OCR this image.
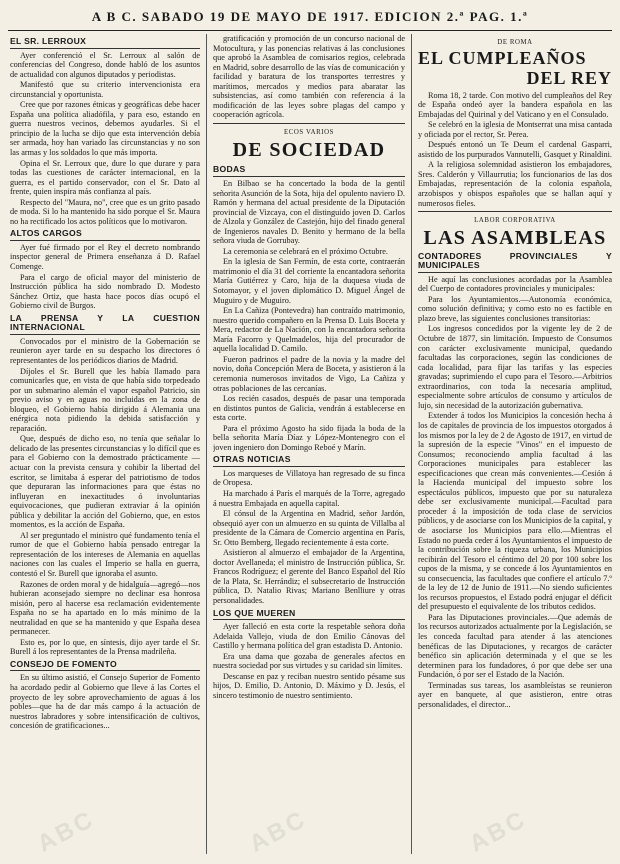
A B C. SABADO 19 DE MAYO DE 1917. EDICION 2.ª PAG. 1.ª
EL SR. LERROUX

Ayer conferenció el Sr. Lerroux al salón de conferencias del Congreso, donde habló de los asuntos de actualidad con algunos diputados y periodistas.

Manifestó que su criterio intervencionista era circunstancial y oportunista.

Cree que por razones étnicas y geográficas debe hacer España una política aliadófila, y para eso, estando en guerra nuestros vecinos, debemos ayudarles. Si el principio de la lucha se dijo que esta intervención debía ser armada, hoy han variado las circunstancias y no son las armas y los soldados lo que más importa.

Opina el Sr. Lerroux que, dure lo que durare y para todas las cuestiones de carácter internacional, en la guerra, es el partido conservador, con el Sr. Dato al frente, quien inspira más confianza al país.

Respecto del "Maura, no", cree que es un grito pasado de moda. Si lo ha mantenido ha sido porque el Sr. Maura no ha rectificado los actos políticos que lo motivaron.

ALTOS CARGOS

Ayer fué firmado por el Rey el decreto nombrando inspector general de Primera enseñanza á D. Rafael Comenge.

Para el cargo de oficial mayor del ministerio de Instrucción pública ha sido nombrado D. Modesto Sánchez Ortiz, que hasta hace pocos días ocupó el Gobierno civil de Burgos.

LA PRENSA Y LA CUESTION INTERNACIONAL

Convocados por el ministro de la Gobernación se reunieron ayer tarde en su despacho los directores ó representantes de los periódicos diarios de Madrid.

Díjoles el Sr. Burell que les había llamado para comunicarles que, en vista de que había sido torpedeado por un submarino alemán el vapor español Patricio, sin previo aviso y en aguas no incluidas en la zona de bloqueo, el Gobierno había dirigido á Alemania una enérgica nota pidiendo la debida satisfacción y reparación.

Que, después de dicho eso, no tenía que señalar lo delicado de las presentes circunstancias y lo difícil que es para el Gobierno con la demostrado prácticamente —actuar con la prevista censura y cohibir la libertad del escritor, se limitaba á esperar del patriotismo de todos que depuraran las informaciones para que éstas no influyeran en inexactitudes ó involuntarias equivocaciones, que pudieran extraviar á la opinión pública y debilitar la acción del Gobierno, que, en estos momentos, es la acción de España.

Al ser preguntado el ministro qué fundamento tenía el rumor de que el Gobierno había pensado entregar la representación de los intereses de Alemania en aquellas naciones con las cuales el Imperio se halla en guerra, contestó el Sr. Burell que ignoraba el asunto.

Razones de orden moral y de hidalguía—agregó—nos hubieran aconsejado siempre no declinar esa honrosa misión, pero al hacerse esa reclamación evidentemente España no se ha apartado en lo más mínimo de la neutralidad en que se ha mantenido y que España desea permanecer.

Esto es, por lo que, en síntesis, dijo ayer tarde el Sr. Burell á los representantes de la Prensa madrileña.

CONSEJO DE FOMENTO

En su último asistió, el Consejo Superior de Fomento ha acordado pedir al Gobierno que lleve á las Cortes el proyecto de ley sobre aprovechamiento de aguas á los pobles—que ha de dar más campo á la actuación de nuestros labradores y sobre intensificación de cultivos, concesión de gratificaciones...

gratificación y promoción de un concurso nacional de Motocultura, y las ponencias relativas á las conclusiones que aprobó la Asamblea de comisarios regios, celebrada en Madrid, sobre desarrollo de las vías de comunicación y facilidad y baratura de los transportes terrestres y marítimos, mercados y medios para abaratar las subsistencias, así como también con referencia á la modificación de las leyes sobre plagas del campo y cooperación agrícola.

ECOS VARIOS
DE SOCIEDAD
BODAS

En Bilbao se ha concertado la boda de la gentil señorita Asunción de la Sota, hija del opulento naviero D. Ramón y hermana del actual presidente de la Diputación provincial de Vizcaya, con el distinguido joven D. Carlos de Alzola y González de Castejón, hijo del finado general de Ingenieros navales D. Benito y hermano de la bella señora viuda de Gorrubay.

La ceremonia se celebrará en el próximo Octubre.

En la iglesia de San Fermín, de esta corte, contraerán matrimonio el día 31 del corriente la encantadora señorita María Gutiérrez y Caro, hija de la duquesa viuda de Sotomayor, y el joven diplomático D. Miguel Ángel de Muguiro y de Muguiro.

En La Cañiza (Pontevedra) han contraído matrimonio, nuestro querido compañero en la Prensa D. Luis Boceta y Mera, redactor de La Nación, con la encantadora señorita María Facorro y Quelmadelos, hija del procurador de aquella localidad D. Camilo.

Fueron padrinos el padre de la novia y la madre del novio, doña Concepción Mera de Boceta, y asistieron á la ceremonia numerosos invitados de Vigo, La Cañiza y otras poblaciones de las cercanías.

Los recién casados, después de pasar una temporada en distintos puntos de Galicia, vendrán á establecerse en esta corte.

Para el próximo Agosto ha sido fijada la boda de la bella señorita María Díaz y López-Montenegro con el joven ingeniero don Domingo Reboé y Marín.

OTRAS NOTICIAS

Los marqueses de Villatoya han regresado de su finca de Oropesa.

Ha marchado á París el marqués de la Torre, agregado á nuestra Embajada en aquella capital.

El cónsul de la Argentina en Madrid, señor Jardón, obsequió ayer con un almuerzo en su quinta de Villalba al presidente de la Cámara de Comercio argentina en París, Sr. Otto Bemberg, llegado recientemente á esta corte.

Asistieron al almuerzo el embajador de la Argentina, doctor Avellaneda; el ministro de Instrucción pública, Sr. Francos Rodríguez; el gerente del Banco Español del Río de la Plata, Sr. Herrándiz; el subsecretario de Instrucción pública, D. Natalio Rivas; Mariano Benlliure y otras personalidades.

LOS QUE MUEREN

Ayer falleció en esta corte la respetable señora doña Adelaida Vallejo, viuda de don Emilio Cánovas del Castillo y hermana política del gran estadista D. Antonio.

Era una dama que gozaba de generales afectos en nuestra sociedad por sus virtudes y su caridad sin límites.

Descanse en paz y reciban nuestro sentido pésame sus hijos, D. Emilio, D. Antonio, D. Máximo y D. Jesús, el sincero testimonio de nuestro sentimiento.

DE ROMA
EL CUMPLEAÑOS
DEL REY

Roma 18, 2 tarde. Con motivo del cumpleaños del Rey de España ondeó ayer la bandera española en las Embajadas del Quirinal y del Vaticano y en el Consulado.

Se celebró en la iglesia de Montserrat una misa cantada y oficiada por el rector, Sr. Perea.

Después entonó un Te Deum el cardenal Gasparri, asistido de los purpurados Vannutelli, Gasquet y Rinaldini.

A la religiosa solemnidad asistieron los embajadores, Sres. Calderón y Villaurrutia; los funcionarios de las dos Embajadas, representación de la colonia española, arzobispos y obispos españoles que se hallan aquí y numerosos fieles.

LABOR CORPORATIVA
LAS ASAMBLEAS
CONTADORES PROVINCIALES Y MUNICIPALES

He aquí las conclusiones acordadas por la Asamblea del Cuerpo de contadores provinciales y municipales:

Para los Ayuntamientos.—Autonomía económica, como solución definitiva; y como esto no es factible en plazo breve, las siguientes conclusiones transitorias:

Los ingresos concedidos por la vigente ley de 2 de Octubre de 1877, sin limitación. Impuesto de Consumos con carácter exclusivamente municipal, quedando facultadas las corporaciones, según las condiciones de cada localidad, para fijar las tarifas y las especies gravadas; suprimiendo el cupo para el Tesoro.—Arbitrios extraordinarios, con toda la necesaria amplitud, especialmente sobre artículos de consumo y artículos de lujo, sin necesidad de la autorización gubernativa.

Extender á todos los Municipios la concesión hecha á los de capitales de provincia de los impuestos otorgados á los mismos por la ley de 2 de Agosto de 1917, en virtud de la supresión de la especie "Vinos" en el impuesto de Consumos; reconociendo amplia facultad á las Corporaciones municipales para establecer las especificaciones que crean más convenientes.—Cesión á la Hacienda municipal del impuesto sobre los espectáculos públicos, impuesto que por su naturaleza debe ser exclusivamente municipal.—Facultad para proceder á la imposición de toda clase de servicios públicos, y de asociarse con los Municipios de la capital, y de asociarse los Municipios para ello.—Mientras el Estado no pueda ceder á los Ayuntamientos el impuesto de la contribución sobre la riqueza urbana, los Municipios recibirán del Tesoro el céntimo del 20 por 100 sobre los cupos de la misma, y se concede á los Ayuntamientos en su consecuencia, las facultades que confiere el artículo 7.º de la ley de 12 de Junio de 1911.—No siendo suficientes los recursos propuestos, el Estado podrá enjugar el déficit del presupuesto el equivalente de los tributos cedidos.

Para las Diputaciones provinciales.—Que además de los recursos autorizados actualmente por la Legislación, se les conceda facultad para atender á las atenciones benéficas de las Diputaciones, y recargos de carácter benéfico sin aplicación determinada y el que se les determinen para los fundadores, ó por que debe ser una Fundación, ó por ser el Estado de la Nación.

Terminadas sus tareas, los asambleístas se reunieron ayer en banquete, al que asistieron, entre otras personalidades, el director...

ABC	ABC	ABC
